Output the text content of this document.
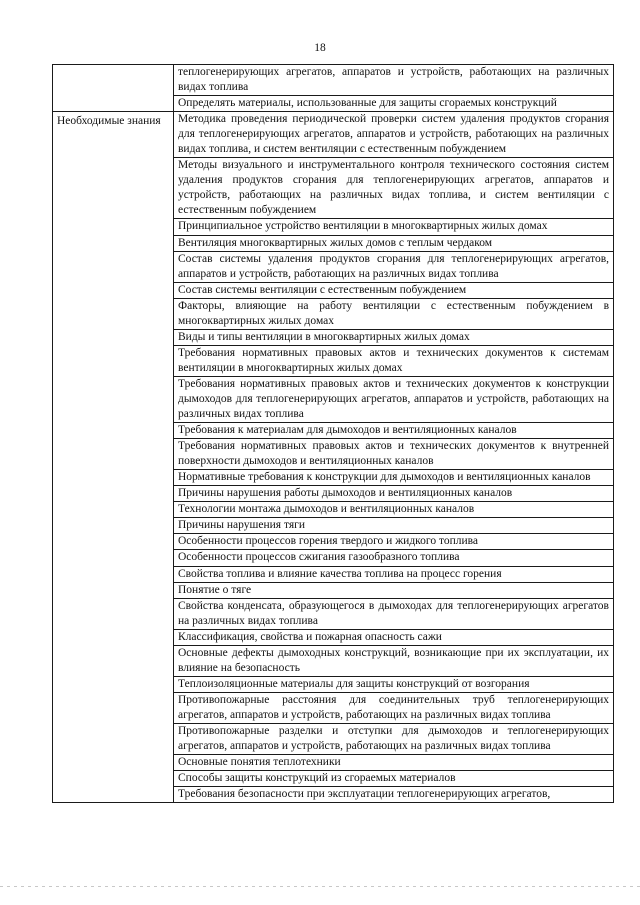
18
	теплогенерирующих агрегатов, аппаратов и устройств, работающих на различных видах топлива
	Определять материалы, использованные для защиты сгораемых конструкций
Необходимые знания	Методика проведения периодической проверки систем удаления продуктов сгорания для теплогенерирующих агрегатов, аппаратов и устройств, работающих на различных видах топлива, и систем вентиляции с естественным побуждением
	Методы визуального и инструментального контроля технического состояния систем удаления продуктов сгорания для теплогенерирующих агрегатов, аппаратов и устройств, работающих на различных видах топлива, и систем вентиляции с естественным побуждением
	Принципиальное устройство вентиляции в многоквартирных жилых домах
	Вентиляция многоквартирных жилых домов с теплым чердаком
	Состав системы удаления продуктов сгорания для теплогенерирующих агрегатов, аппаратов и устройств, работающих на различных видах топлива
	Состав системы вентиляции с естественным побуждением
	Факторы, влияющие на работу вентиляции с естественным побуждением в многоквартирных жилых домах
	Виды и типы вентиляции в многоквартирных жилых домах
	Требования нормативных правовых актов и технических документов к системам вентиляции в многоквартирных жилых домах
	Требования нормативных правовых актов и технических документов к конструкции дымоходов для теплогенерирующих агрегатов, аппаратов и устройств, работающих на различных видах топлива
	Требования к материалам для дымоходов и вентиляционных каналов
	Требования нормативных правовых актов и технических документов к внутренней поверхности дымоходов и вентиляционных каналов
	Нормативные требования к конструкции для дымоходов и вентиляционных каналов
	Причины нарушения работы дымоходов и вентиляционных каналов
	Технологии монтажа дымоходов и вентиляционных каналов
	Причины нарушения тяги
	Особенности процессов горения твердого и жидкого топлива
	Особенности процессов сжигания газообразного топлива
	Свойства топлива и влияние качества топлива на процесс горения
	Понятие о тяге
	Свойства конденсата, образующегося в дымоходах для теплогенерирующих агрегатов на различных видах топлива
	Классификация, свойства и пожарная опасность сажи
	Основные дефекты дымоходных конструкций, возникающие при их эксплуатации, их влияние на безопасность
	Теплоизоляционные материалы для защиты конструкций от возгорания
	Противопожарные расстояния для соединительных труб теплогенерирующих агрегатов, аппаратов и устройств, работающих на различных видах топлива
	Противопожарные разделки и отступки для дымоходов и теплогенерирующих агрегатов, аппаратов и устройств, работающих на различных видах топлива
	Основные понятия теплотехники
	Способы защиты конструкций из сгораемых материалов
	Требования безопасности при эксплуатации теплогенерирующих агрегатов,
